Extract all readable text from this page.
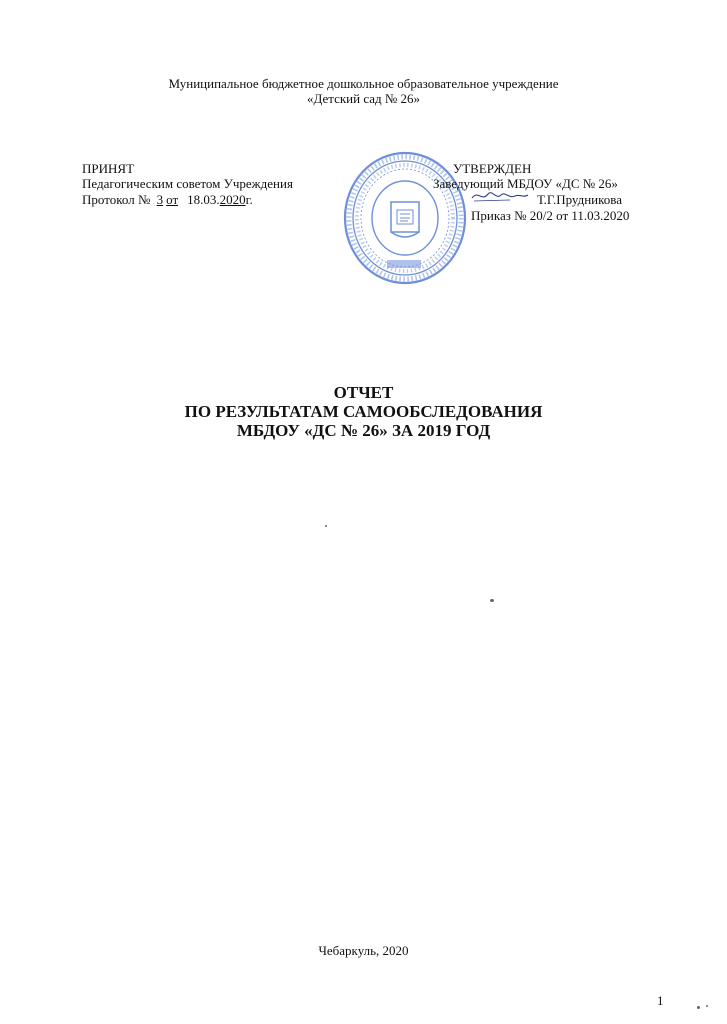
Муниципальное бюджетное дошкольное образовательное учреждение
«Детский сад № 26»
ПРИНЯТ
Педагогическим советом Учреждения
Протокол № 3 от 18.03.2020г.
УТВЕРЖДЕН
Заведующий МБДОУ «ДС № 26»
Т.Г.Прудникова
Приказ № 20/2 от 11.03.2020
ОТЧЕТ
ПО РЕЗУЛЬТАТАМ САМООБСЛЕДОВАНИЯ
МБДОУ «ДС № 26» ЗА 2019 ГОД
Чебаркуль, 2020
1
